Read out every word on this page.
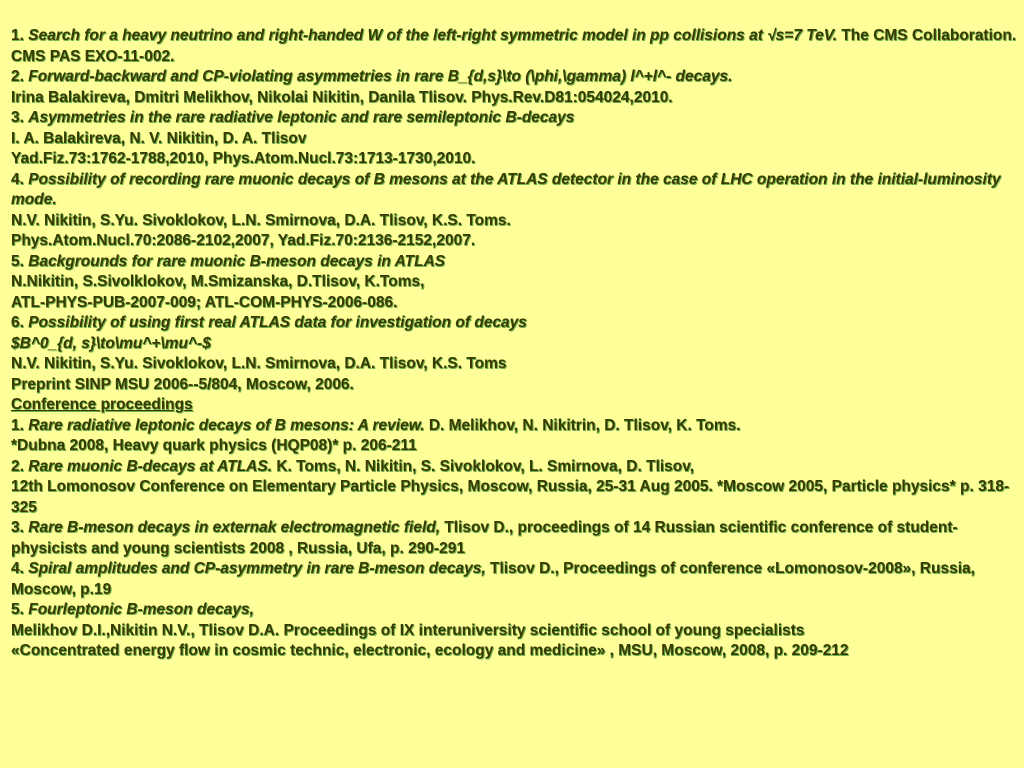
1. Search for a heavy neutrino and right-handed W of the left-right symmetric model in pp collisions at √s=7 TeV. The CMS Collaboration. CMS PAS EXO-11-002.

2. Forward-backward and CP-violating asymmetries in rare B_{d,s}\to (\phi,\gamma) l^+l^- decays.

Irina Balakireva, Dmitri Melikhov, Nikolai Nikitin, Danila Tlisov. Phys.Rev.D81:054024,2010.

3. Asymmetries in the rare radiative leptonic and rare semileptonic B-decays

I. A. Balakireva, N. V. Nikitin, D. A. Tlisov

Yad.Fiz.73:1762-1788,2010, Phys.Atom.Nucl.73:1713-1730,2010.

4. Possibility of recording rare muonic decays of B mesons at the ATLAS detector in the case of LHC operation in the initial-luminosity mode.

N.V. Nikitin, S.Yu. Sivoklokov, L.N. Smirnova, D.A. Tlisov, K.S. Toms.

Phys.Atom.Nucl.70:2086-2102,2007, Yad.Fiz.70:2136-2152,2007.

5. Backgrounds for rare muonic B-meson decays in ATLAS

N.Nikitin, S.Sivolklokov, M.Smizanska, D.Tlisov, K.Toms,

ATL-PHYS-PUB-2007-009; ATL-COM-PHYS-2006-086.

6. Possibility of using first real ATLAS data for investigation of decays

$B^0_{d, s}\to\mu^+\mu^-$

N.V. Nikitin, S.Yu. Sivoklokov, L.N. Smirnova, D.A. Tlisov, K.S. Toms

Preprint SINP MSU 2006--5/804, Moscow, 2006.

Conference proceedings

1. Rare radiative leptonic decays of B mesons: A review. D. Melikhov, N. Nikitrin, D. Tlisov, K. Toms.

*Dubna 2008, Heavy quark physics (HQP08)* p. 206-211

2. Rare muonic B-decays at ATLAS. K. Toms, N. Nikitin, S. Sivoklokov, L. Smirnova, D. Tlisov,

12th Lomonosov Conference on Elementary Particle Physics, Moscow, Russia, 25-31 Aug 2005. *Moscow 2005, Particle physics* p. 318-325

3. Rare B-meson decays in externak electromagnetic field, Tlisov D., proceedings of 14 Russian scientific conference of student-physicists and young scientists 2008 , Russia, Ufa, p. 290-291

4. Spiral amplitudes and CP-asymmetry in rare B-meson decays, Tlisov D., Proceedings of conference «Lomonosov-2008», Russia, Moscow, p.19

5. Fourleptonic B-meson decays,

Melikhov D.I.,Nikitin N.V., Tlisov D.A. Proceedings of IX interuniversity scientific school of young specialists

«Concentrated energy flow in cosmic technic, electronic, ecology and medicine» , MSU, Moscow, 2008, p. 209-212
